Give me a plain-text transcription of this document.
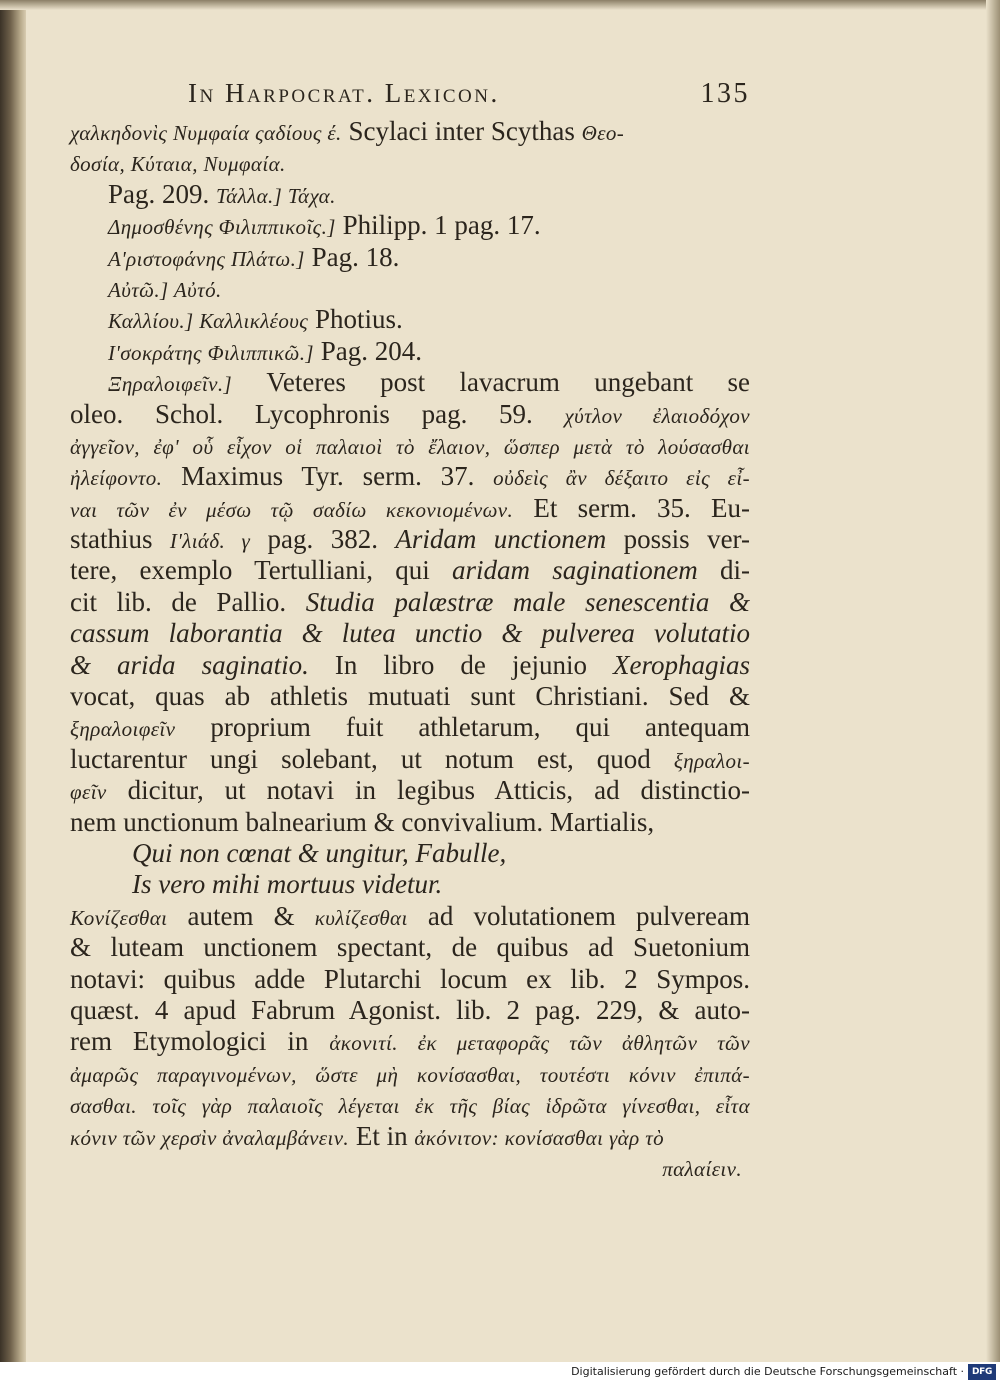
In Harpocrat. Lexicon.	135
χαλκηδονὶς Νυμφαία ςαδίους έ. Scylaci inter Scythas Θεο-
δοσία, Κύταια, Νυμφαία.
Pag. 209. Τάλλα.] Τάχα.
Δημοσθένης Φιλιππικοῖς.] Philipp. 1 pag. 17.
Α'ριστοφάνης Πλάτω.] Pag. 18.
Αὐτῶ.] Αὐτό.
Καλλίου.] Καλλικλέους Photius.
Ι'σοκράτης Φιλιππικῶ.] Pag. 204.
Ξηραλοιφεῖν.] Veteres post lavacrum ungebant se
oleo. Schol. Lycophronis pag. 59. χύτλον ἐλαιοδόχον
ἀγγεῖον, ἐφ' οὗ εἶχον οἱ παλαιοὶ τὸ ἔλαιον, ὥσπερ μετὰ τὸ λούσασθαι
ἠλείφοντο. Maximus Tyr. serm. 37. οὐδεὶς ἂν δέξαιτο εἰς εἶ-
ναι τῶν ἐν μέσω τῷ σαδίω κεκονιομένων. Et serm. 35. Eu-
stathius Ι'λιάδ. γ pag. 382. Aridam unctionem possis ver-
tere, exemplo Tertulliani, qui aridam saginationem di-
cit lib. de Pallio. Studia palæstræ male senescentia &
cassum laborantia & lutea unctio & pulverea volutatio
& arida saginatio. In libro de jejunio Xerophagias
vocat, quas ab athletis mutuati sunt Christiani. Sed &
ξηραλοιφεῖν proprium fuit athletarum, qui antequam
luctarentur ungi solebant, ut notum est, quod ξηραλοι-
φεῖν dicitur, ut notavi in legibus Atticis, ad distinctio-
nem unctionum balnearium & convivalium. Martialis,
Qui non cœnat & ungitur, Fabulle,
Is vero mihi mortuus videtur.
Κονίζεσθαι autem & κυλίζεσθαι ad volutationem pulveream
& luteam unctionem spectant, de quibus ad Suetonium
notavi: quibus adde Plutarchi locum ex lib. 2 Sympos.
quæst. 4 apud Fabrum Agonist. lib. 2 pag. 229, & auto-
rem Etymologici in ἀκονιτί. ἐκ μεταφορᾶς τῶν ἀθλητῶν τῶν
ἀμαρῶς παραγινομένων, ὥστε μὴ κονίσασθαι, τουτέστι κόνιν ἐπιπά-
σασθαι. τοῖς γὰρ παλαιοῖς λέγεται ἐκ τῆς βίας ἱδρῶτα γίνεσθαι, εἶτα
κόνιν τῶν χερσὶν ἀναλαμβάνειν. Et in ἀκόνιτον: κονίσασθαι γὰρ τὸ
παλαίειν.
Digitalisierung gefördert durch die Deutsche Forschungsgemeinschaft · DFG
